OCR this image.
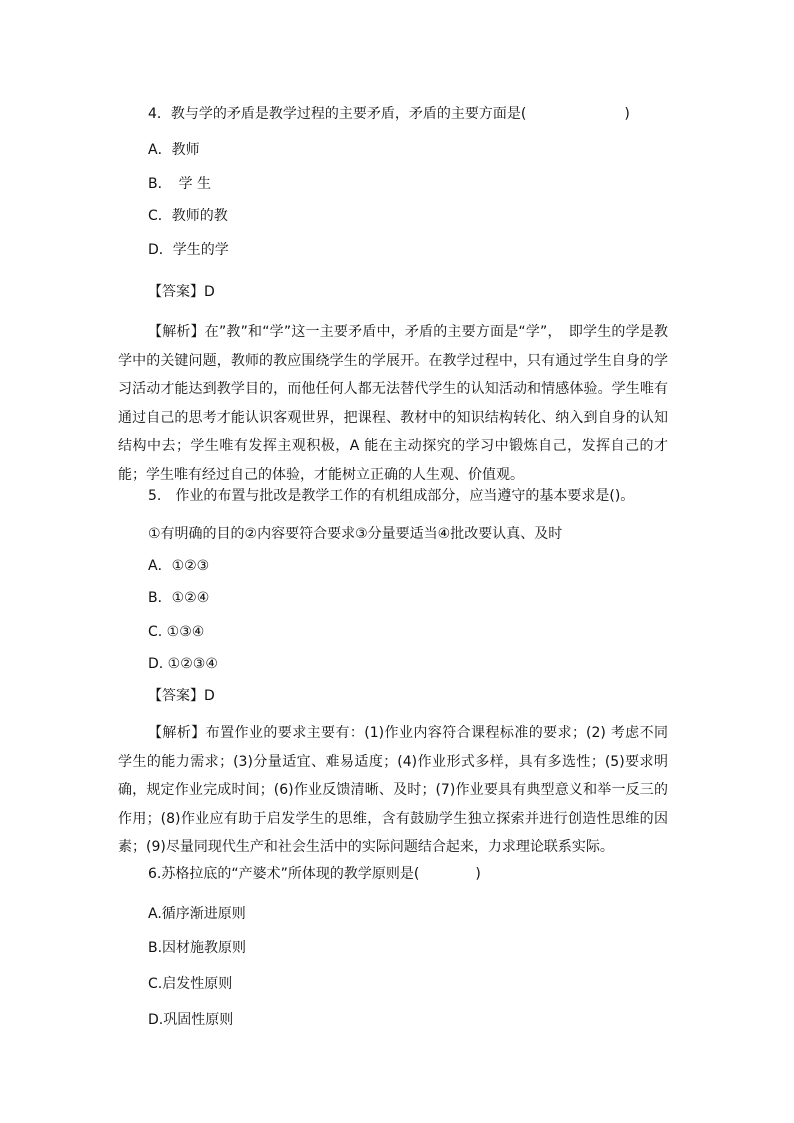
4．教与学的矛盾是教学过程的主要矛盾，矛盾的主要方面是(　　　　　　　)
A．教师
B．　学 生
C．教师的教
D．学生的学
【答案】D
【解析】在”教”和“学”这一主要矛盾中，矛盾的主要方面是“学”，　即学生的学是教学中的关键问题，教师的教应围绕学生的学展开。在教学过程中，只有通过学生自身的学习活动才能达到教学目的，而他任何人都无法替代学生的认知活动和情感体验。学生唯有通过自己的思考才能认识客观世界，把课程、教材中的知识结构转化、纳入到自身的认知结构中去；学生唯有发挥主观积极，A 能在主动探究的学习中锻炼自己，发挥自己的才能；学生唯有经过自己的体验，才能树立正确的人生观、价值观。
5.　作业的布置与批改是教学工作的有机组成部分，应当遵守的基本要求是()。
①有明确的目的②内容要符合要求③分量要适当④批改要认真、及时
A．①②③
B．①②④
C. ①③④
D. ①②③④
【答案】D
【解析】布置作业的要求主要有：(1)作业内容符合课程标准的要求；(2) 考虑不同学生的能力需求；(3)分量适宜、难易适度；(4)作业形式多样，具有多选性；(5)要求明确，规定作业完成时间；(6)作业反馈清晰、及时；(7)作业要具有典型意义和举一反三的作用；(8)作业应有助于启发学生的思维，含有鼓励学生独立探索并进行创造性思维的因素；(9)尽量同现代生产和社会生活中的实际问题结合起来，力求理论联系实际。
6.苏格拉底的“产婆术”所体现的教学原则是(　　　　)
A.循序渐进原则
B.因材施教原则
C.启发性原则
D.巩固性原则
